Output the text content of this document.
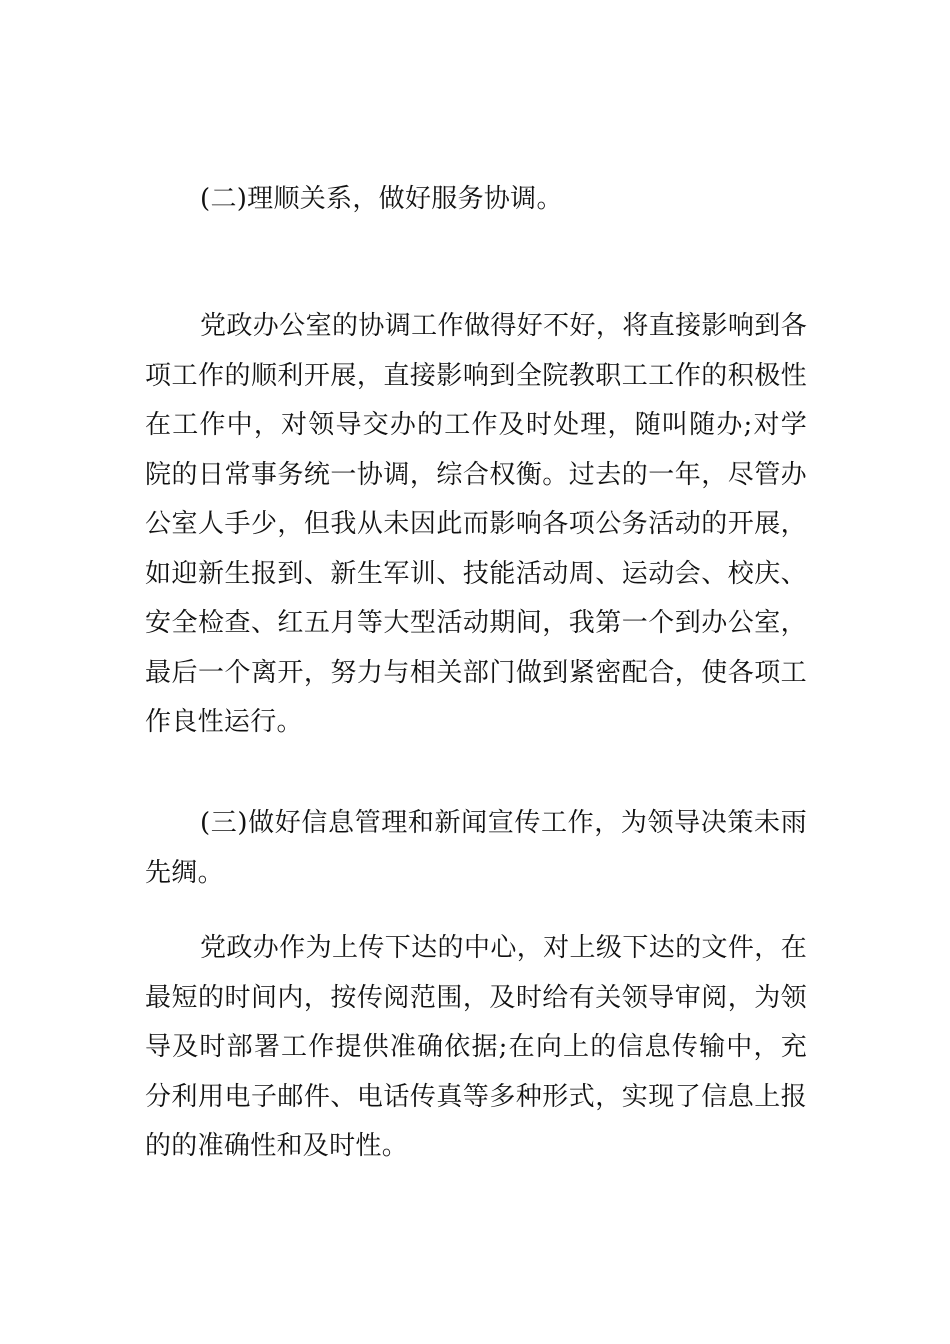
(二)理顺关系，做好服务协调。

党政办公室的协调工作做得好不好，将直接影响到各项工作的顺利开展，直接影响到全院教职工工作的积极性在工作中，对领导交办的工作及时处理，随叫随办;对学院的日常事务统一协调，综合权衡。过去的一年，尽管办公室人手少，但我从未因此而影响各项公务活动的开展，如迎新生报到、新生军训、技能活动周、运动会、校庆、安全检查、红五月等大型活动期间，我第一个到办公室，最后一个离开，努力与相关部门做到紧密配合，使各项工作良性运行。

(三)做好信息管理和新闻宣传工作，为领导决策未雨先绸。

党政办作为上传下达的中心，对上级下达的文件，在最短的时间内，按传阅范围，及时给有关领导审阅，为领导及时部署工作提供准确依据;在向上的信息传输中，充分利用电子邮件、电话传真等多种形式，实现了信息上报的的准确性和及时性。
